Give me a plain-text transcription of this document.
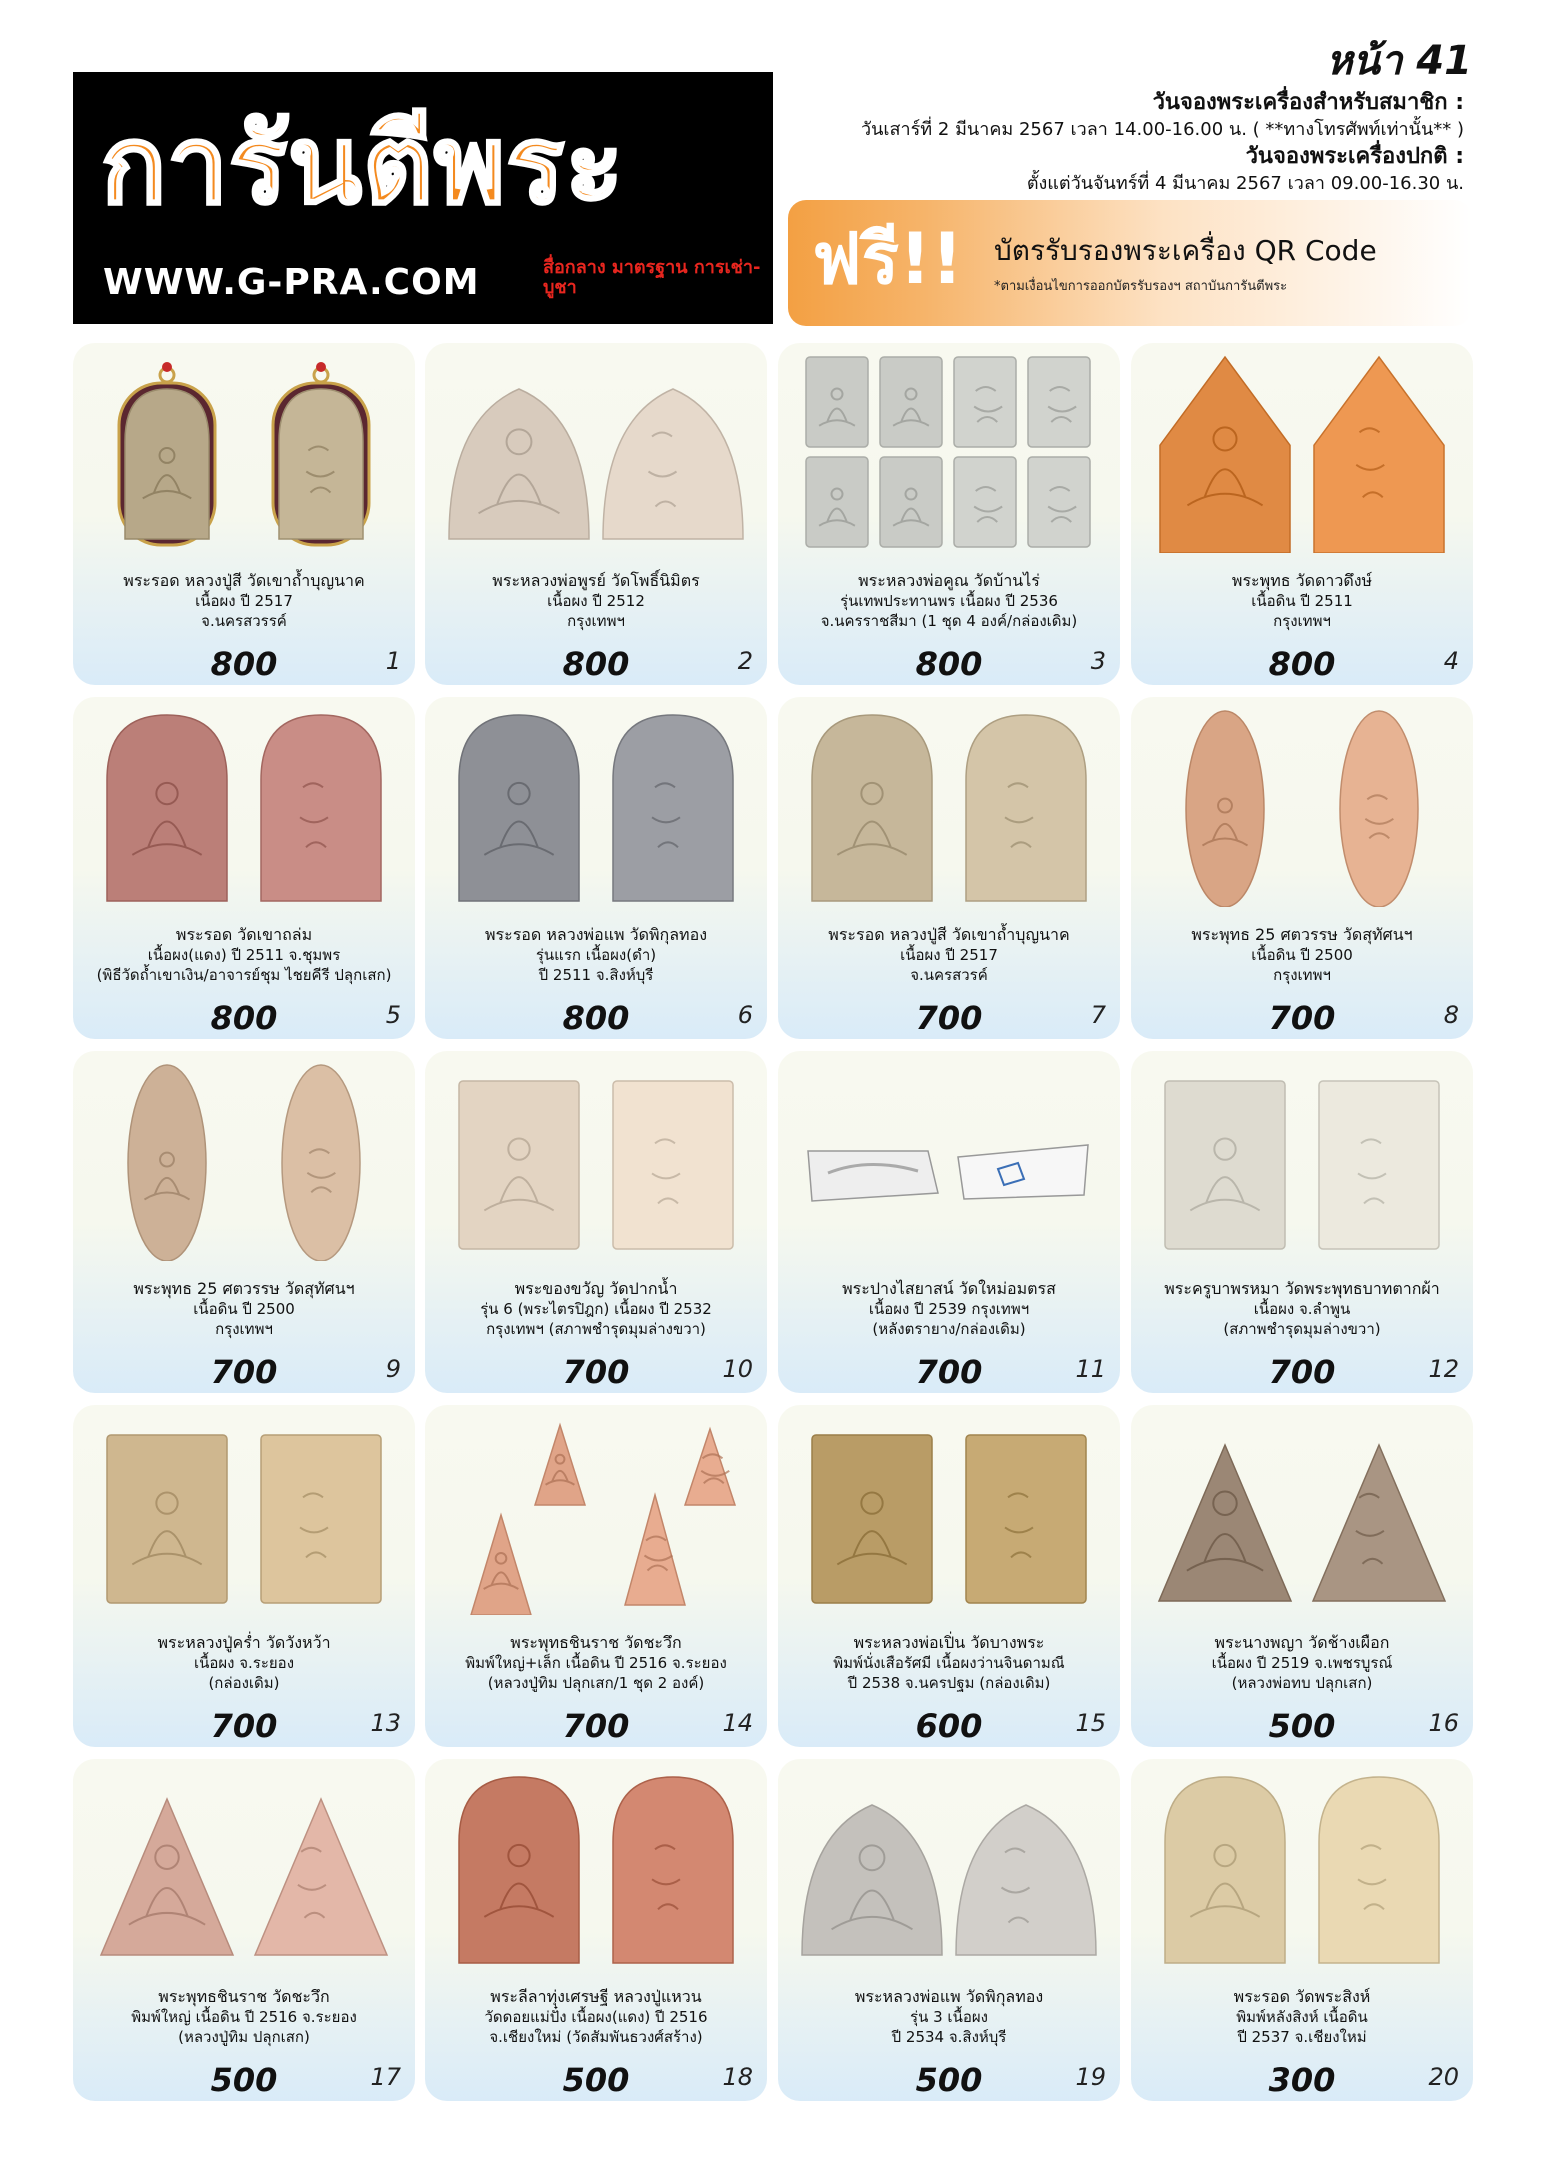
หน้า 41
การันตีพระ
WWW.G-PRA.COM	สื่อกลาง มาตรฐาน การเช่า-บูชา
วันจองพระเครื่องสำหรับสมาชิก :
วันเสาร์ที่ 2 มีนาคม 2567 เวลา 14.00-16.00 น. ( **ทางโทรศัพท์เท่านั้น** )
วันจองพระเครื่องปกติ :
ตั้งแต่วันจันทร์ที่ 4 มีนาคม 2567 เวลา 09.00-16.30 น.
ฟรี!! บัตรรับรองพระเครื่อง QR Code
*ตามเงื่อนไขการออกบัตรรับรองฯ สถาบันการันตีพระ
พระรอด หลวงปู่สี วัดเขาถ้ำบุญนาค
เนื้อผง ปี 2517
จ.นครสวรรค์
800	1
พระหลวงพ่อพูรย์ วัดโพธิ์นิมิตร
เนื้อผง ปี 2512
กรุงเทพฯ
800	2
พระหลวงพ่อคูณ วัดบ้านไร่
รุ่นเทพประทานพร เนื้อผง ปี 2536
จ.นครราชสีมา (1 ชุด 4 องค์/กล่องเดิม)
800	3
พระพุทธ วัดดาวดึงษ์
เนื้อดิน ปี 2511
กรุงเทพฯ
800	4
พระรอด วัดเขาถล่ม
เนื้อผง(แดง) ปี 2511 จ.ชุมพร
(พิธีวัดถ้ำเขาเงิน/อาจารย์ชุม ไชยคีรี ปลุกเสก)
800	5
พระรอด หลวงพ่อแพ วัดพิกุลทอง
รุ่นแรก เนื้อผง(ดำ)
ปี 2511 จ.สิงห์บุรี
800	6
พระรอด หลวงปู่สี วัดเขาถ้ำบุญนาค
เนื้อผง ปี 2517
จ.นครสวรค์
700	7
พระพุทธ 25 ศตวรรษ วัดสุทัศนฯ
เนื้อดิน ปี 2500
กรุงเทพฯ
700	8
พระพุทธ 25 ศตวรรษ วัดสุทัศนฯ
เนื้อดิน ปี 2500
กรุงเทพฯ
700	9
พระของขวัญ วัดปากน้ำ
รุ่น 6 (พระไตรปิฎก) เนื้อผง ปี 2532
กรุงเทพฯ (สภาพชำรุดมุมล่างขวา)
700	10
พระปางไสยาสน์ วัดใหม่อมตรส
เนื้อผง ปี 2539 กรุงเทพฯ
(หลังตรายาง/กล่องเดิม)
700	11
พระครูบาพรหมา วัดพระพุทธบาทตากผ้า
เนื้อผง จ.ลำพูน
(สภาพชำรุดมุมล่างขวา)
700	12
พระหลวงปู่คร่ำ วัดวังหว้า
เนื้อผง จ.ระยอง
(กล่องเดิม)
700	13
พระพุทธชินราช วัดชะวึก
พิมพ์ใหญ่+เล็ก เนื้อดิน ปี 2516 จ.ระยอง
(หลวงปู่ทิม ปลุกเสก/1 ชุด 2 องค์)
700	14
พระหลวงพ่อเปิ่น วัดบางพระ
พิมพ์นั่งเสือรัศมี เนื้อผงว่านจินดามณี
ปี 2538 จ.นครปฐม (กล่องเดิม)
600	15
พระนางพญา วัดช้างเผือก
เนื้อผง ปี 2519 จ.เพชรบูรณ์
(หลวงพ่อทบ ปลุกเสก)
500	16
พระพุทธชินราช วัดชะวึก
พิมพ์ใหญ่ เนื้อดิน ปี 2516 จ.ระยอง
(หลวงปู่ทิม ปลุกเสก)
500	17
พระลีลาทุ่งเศรษฐี หลวงปู่แหวน
วัดดอยแม่ปั๋ง เนื้อผง(แดง) ปี 2516
จ.เชียงใหม่ (วัดสัมพันธวงศ์สร้าง)
500	18
พระหลวงพ่อแพ วัดพิกุลทอง
รุ่น 3 เนื้อผง
ปี 2534 จ.สิงห์บุรี
500	19
พระรอด วัดพระสิงห์
พิมพ์หลังสิงห์ เนื้อดิน
ปี 2537 จ.เชียงใหม่
300	20
